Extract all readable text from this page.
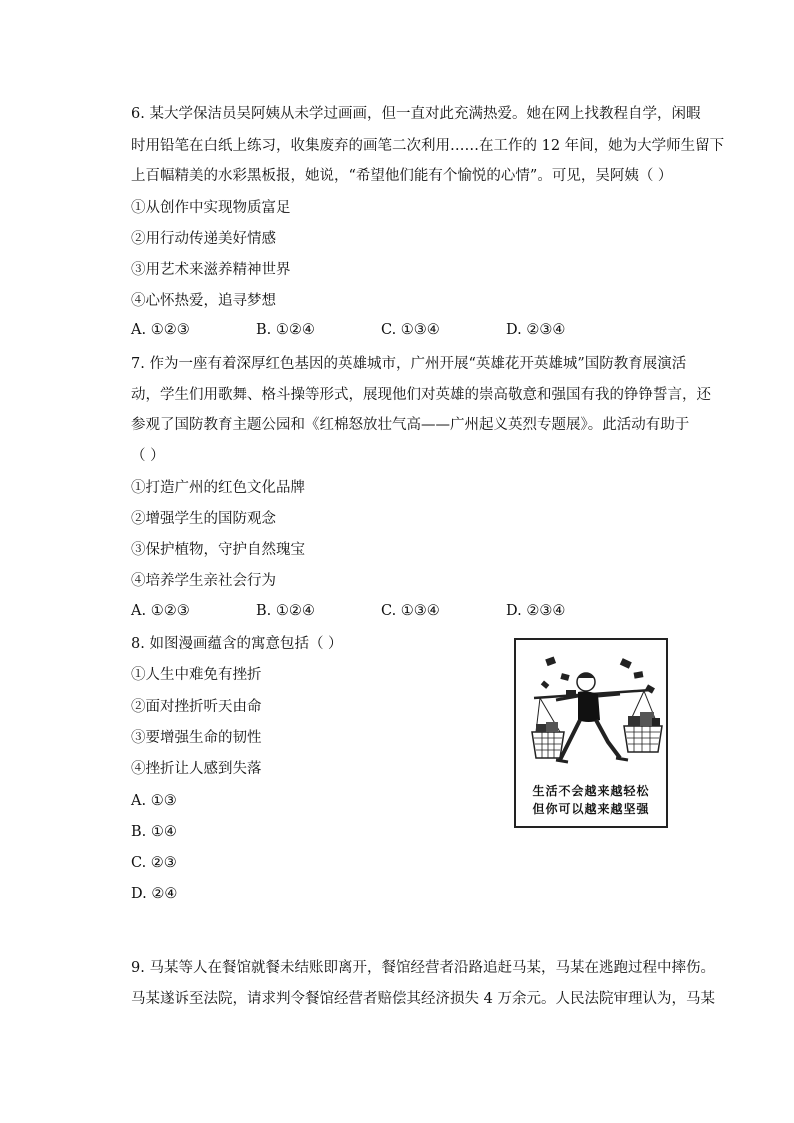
6. 某大学保洁员吴阿姨从未学过画画，但一直对此充满热爱。她在网上找教程自学，闲暇
时用铅笔在白纸上练习，收集废弃的画笔二次利用……在工作的 12 年间，她为大学师生留下
上百幅精美的水彩黑板报，她说，“希望他们能有个愉悦的心情”。可见，吴阿姨（ ）
①从创作中实现物质富足
②用行动传递美好情感
③用艺术来滋养精神世界
④心怀热爱，追寻梦想
A. ①②③	B. ①②④	C. ①③④	D. ②③④
7. 作为一座有着深厚红色基因的英雄城市，广州开展“英雄花开英雄城”国防教育展演活
动，学生们用歌舞、格斗操等形式，展现他们对英雄的崇高敬意和强国有我的铮铮誓言，还
参观了国防教育主题公园和《红棉怒放壮气高——广州起义英烈专题展》。此活动有助于
（ ）
①打造广州的红色文化品牌
②增强学生的国防观念
③保护植物，守护自然瑰宝
④培养学生亲社会行为
A. ①②③	B. ①②④	C. ①③④	D. ②③④
8. 如图漫画蕴含的寓意包括（ ）
①人生中难免有挫折
②面对挫折听天由命
③要增强生命的韧性
④挫折让人感到失落
A. ①③
B. ①④
C. ②③
D. ②④
生活不会越来越轻松
但你可以越来越坚强
9. 马某等人在餐馆就餐未结账即离开，餐馆经营者沿路追赶马某，马某在逃跑过程中摔伤。
马某遂诉至法院，请求判令餐馆经营者赔偿其经济损失 4 万余元。人民法院审理认为，马某
